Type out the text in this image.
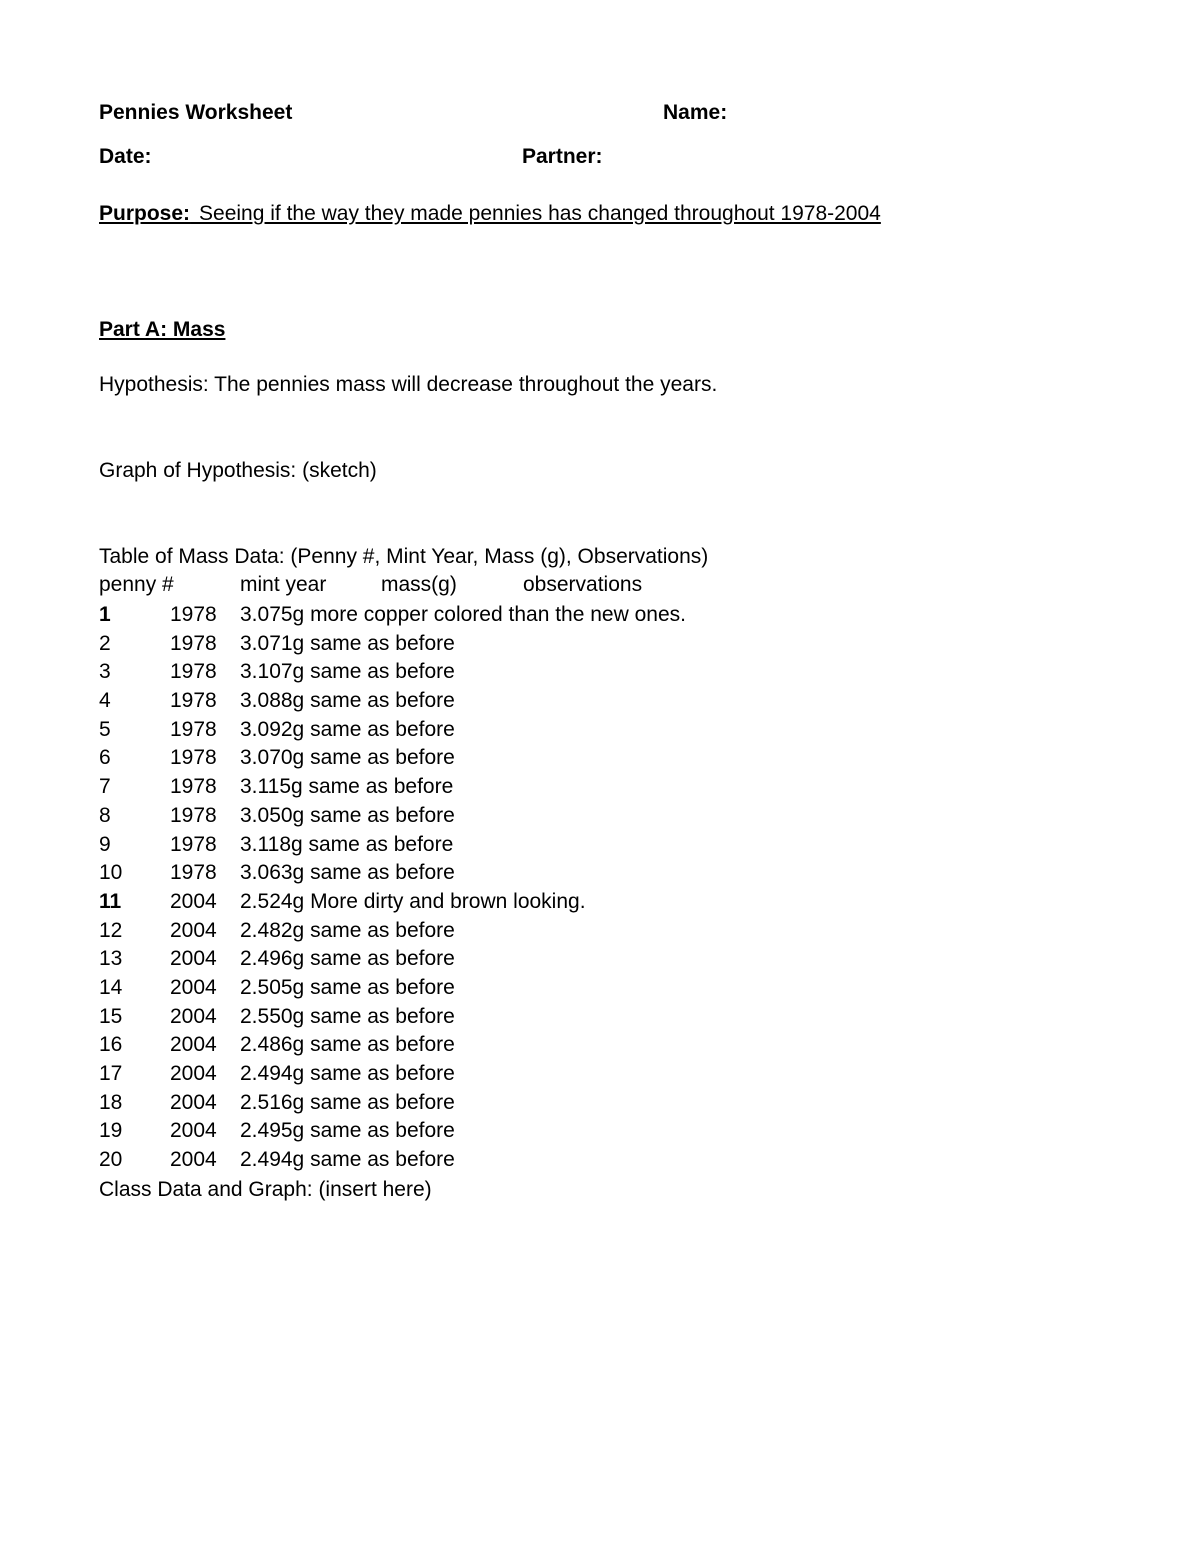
Pennies Worksheet	Name:
Date:	Partner:
Purpose: Seeing if the way they made pennies has changed throughout 1978-2004
Part A: Mass
Hypothesis: The pennies mass will decrease throughout the years.
Graph of Hypothesis: (sketch)
Table of Mass Data: (Penny #, Mint Year, Mass (g), Observations)
penny #	mint year	mass(g)	observations
1	1978 3.075g more copper colored than the new ones.
2	1978 3.071g same as before
3	1978 3.107g same as before
4	1978 3.088g same as before
5	1978 3.092g same as before
6	1978 3.070g same as before
7	1978 3.115g same as before
8	1978 3.050g same as before
9	1978 3.118g same as before
10 1978 3.063g same as before
11 2004 2.524g More dirty and brown looking.
12 2004 2.482g same as before
13 2004 2.496g same as before
14 2004 2.505g same as before
15 2004 2.550g same as before
16 2004 2.486g same as before
17 2004 2.494g same as before
18 2004 2.516g same as before
19 2004 2.495g same as before
20 2004 2.494g same as before
Class Data and Graph: (insert here)
